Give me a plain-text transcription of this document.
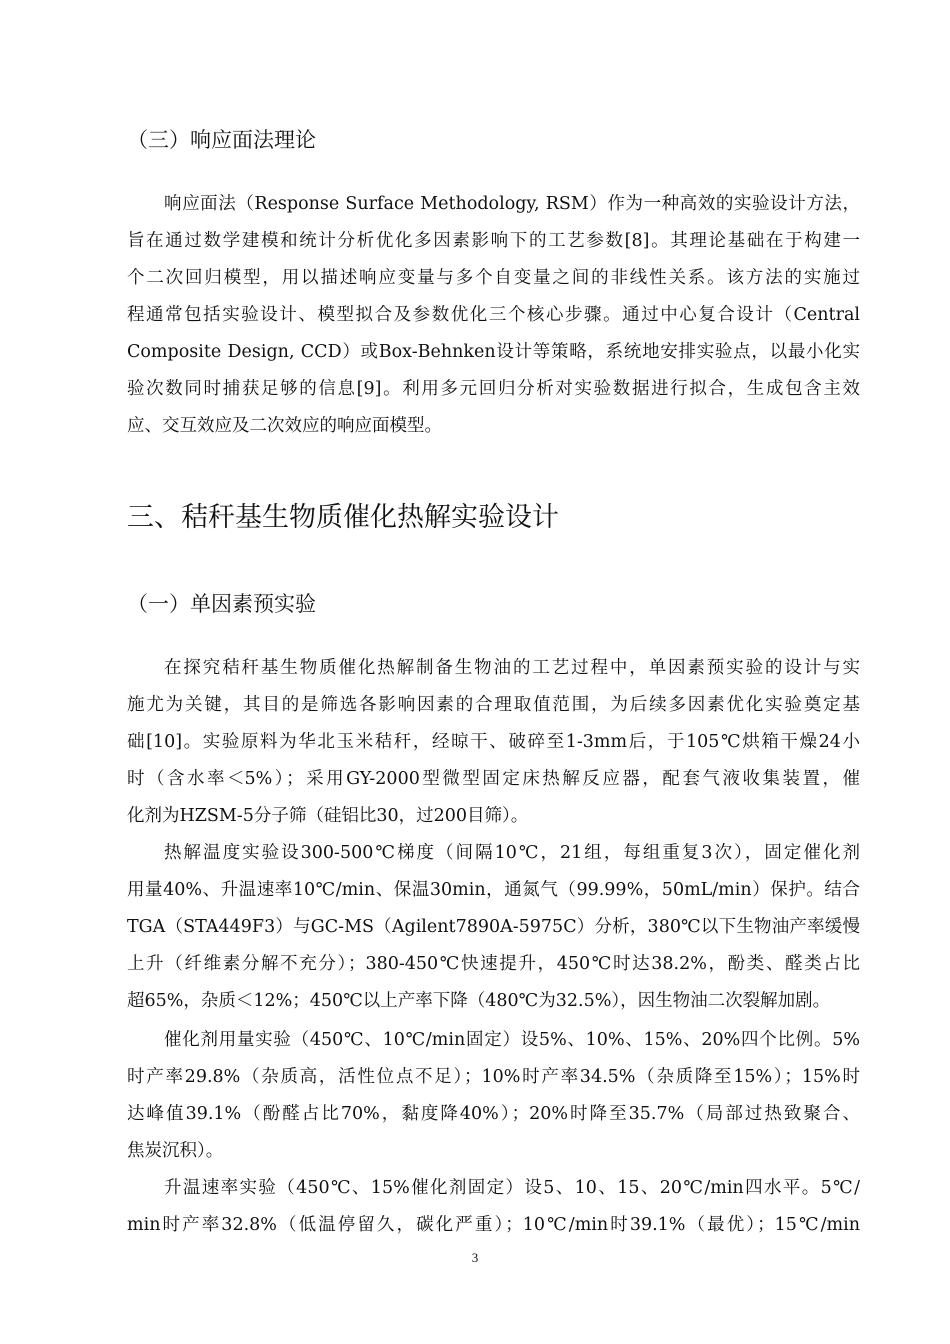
（三）响应面法理论
响应面法（Response Surface Methodology, RSM）作为一种高效的实验设计方法，
旨在通过数学建模和统计分析优化多因素影响下的工艺参数[8]。其理论基础在于构建一
个二次回归模型，用以描述响应变量与多个自变量之间的非线性关系。该方法的实施过
程通常包括实验设计、模型拟合及参数优化三个核心步骤。通过中心复合设计（Central
Composite Design, CCD）或Box-Behnken设计等策略，系统地安排实验点，以最小化实
验次数同时捕获足够的信息[9]。利用多元回归分析对实验数据进行拟合，生成包含主效
应、交互效应及二次效应的响应面模型。
三、秸秆基生物质催化热解实验设计
（一）单因素预实验
在探究秸秆基生物质催化热解制备生物油的工艺过程中，单因素预实验的设计与实
施尤为关键，其目的是筛选各影响因素的合理取值范围，为后续多因素优化实验奠定基
础[10]。实验原料为华北玉米秸秆，经晾干、破碎至1-3mm后，于105℃烘箱干燥24小
时（含水率＜5%）；采用GY-2000型微型固定床热解反应器，配套气液收集装置，催
化剂为HZSM-5分子筛（硅铝比30，过200目筛）。
热解温度实验设300-500℃梯度（间隔10℃，21组，每组重复3次），固定催化剂
用量40%、升温速率10℃/min、保温30min，通氮气（99.99%，50mL/min）保护。结合
TGA（STA449F3）与GC-MS（Agilent7890A-5975C）分析，380℃以下生物油产率缓慢
上升（纤维素分解不充分）；380-450℃快速提升，450℃时达38.2%，酚类、醛类占比
超65%，杂质＜12%；450℃以上产率下降（480℃为32.5%），因生物油二次裂解加剧。
催化剂用量实验（450℃、10℃/min固定）设5%、10%、15%、20%四个比例。5%
时产率29.8%（杂质高，活性位点不足）；10%时产率34.5%（杂质降至15%）；15%时
达峰值39.1%（酚醛占比70%，黏度降40%）；20%时降至35.7%（局部过热致聚合、
焦炭沉积）。
升温速率实验（450℃、15%催化剂固定）设5、10、15、20℃/min四水平。5℃/
min时产率32.8%（低温停留久，碳化严重）；10℃/min时39.1%（最优）；15℃/min
3
